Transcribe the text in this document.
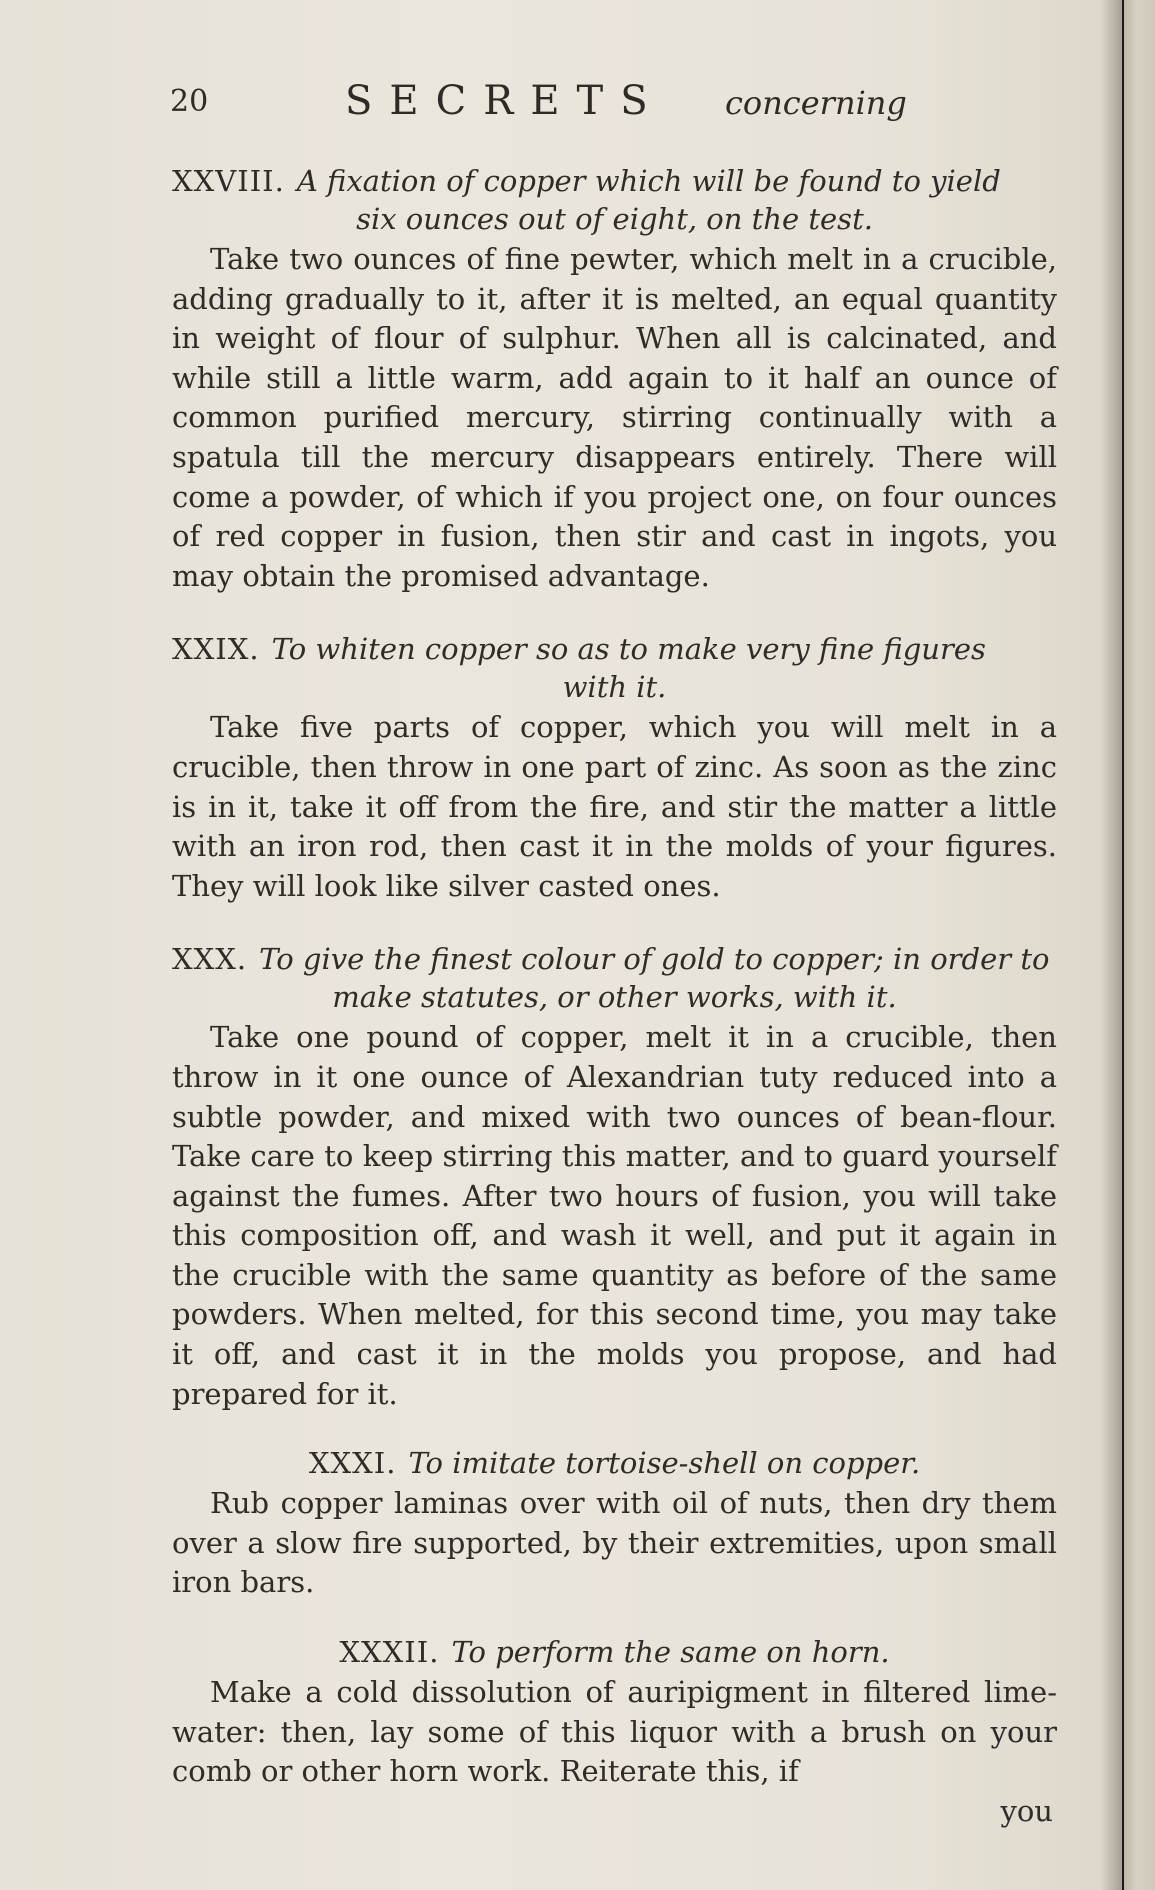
20	SECRETS concerning

XXVIII. A fixation of copper which will be found to yield

six ounces out of eight, on the test.

Take two ounces of fine pewter, which melt in a crucible, adding gradually to it, after it is melted, an equal quantity in weight of flour of sulphur. When all is calcinated, and while still a little warm, add again to it half an ounce of common purified mercury, stirring continually with a spatula till the mercury disappears entirely. There will come a powder, of which if you project one, on four ounces of red copper in fusion, then stir and cast in ingots, you may obtain the promised advantage.

XXIX. To whiten copper so as to make very fine figures

with it.

Take five parts of copper, which you will melt in a crucible, then throw in one part of zinc. As soon as the zinc is in it, take it off from the fire, and stir the matter a little with an iron rod, then cast it in the molds of your figures. They will look like silver casted ones.

XXX. To give the finest colour of gold to copper; in order to

make statutes, or other works, with it.

Take one pound of copper, melt it in a crucible, then throw in it one ounce of Alexandrian tuty reduced into a subtle powder, and mixed with two ounces of bean-flour. Take care to keep stirring this matter, and to guard yourself against the fumes. After two hours of fusion, you will take this composition off, and wash it well, and put it again in the crucible with the same quantity as before of the same powders. When melted, for this second time, you may take it off, and cast it in the molds you propose, and had prepared for it.

XXXI. To imitate tortoise-shell on copper.

Rub copper laminas over with oil of nuts, then dry them over a slow fire supported, by their extremities, upon small iron bars.

XXXII. To perform the same on horn.

Make a cold dissolution of auripigment in filtered lime-water: then, lay some of this liquor with a brush on your comb or other horn work. Reiterate this, if

you
